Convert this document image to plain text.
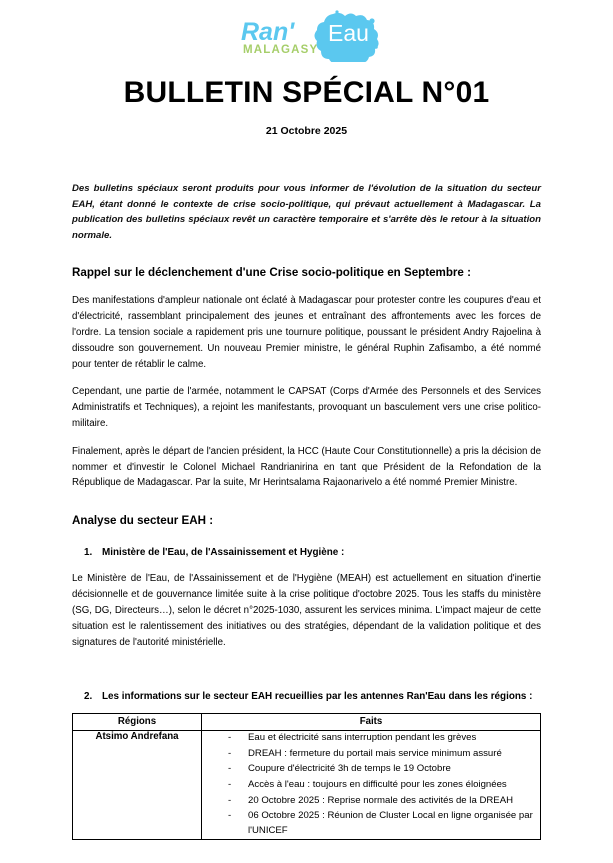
Ran' Eau
MALAGASY
BULLETIN SPÉCIAL N°01
21 Octobre 2025

Des bulletins spéciaux seront produits pour vous informer de l'évolution de la situation du secteur EAH, étant donné le contexte de crise socio-politique, qui prévaut actuellement à Madagascar. La publication des bulletins spéciaux revêt un caractère temporaire et s'arrête dès le retour à la situation normale.

Rappel sur le déclenchement d'une Crise socio-politique en Septembre :

Des manifestations d'ampleur nationale ont éclaté à Madagascar pour protester contre les coupures d'eau et d'électricité, rassemblant principalement des jeunes et entraînant des affrontements avec les forces de l'ordre. La tension sociale a rapidement pris une tournure politique, poussant le président Andry Rajoelina à dissoudre son gouvernement. Un nouveau Premier ministre, le général Ruphin Zafisambo, a été nommé pour tenter de rétablir le calme.

Cependant, une partie de l'armée, notamment le CAPSAT (Corps d'Armée des Personnels et des Services Administratifs et Techniques), a rejoint les manifestants, provoquant un basculement vers une crise politico-militaire.

Finalement, après le départ de l'ancien président, la HCC (Haute Cour Constitutionnelle) a pris la décision de nommer et d'investir le Colonel Michael Randrianirina en tant que Président de la Refondation de la République de Madagascar. Par la suite, Mr Herintsalama Rajaonarivelo a été nommé Premier Ministre.

Analyse du secteur EAH :
1. Ministère de l'Eau, de l'Assainissement et Hygiène :

Le Ministère de l'Eau, de l'Assainissement et de l'Hygiène (MEAH) est actuellement en situation d'inertie décisionnelle et de gouvernance limitée suite à la crise politique d'octobre 2025. Tous les staffs du ministère (SG, DG, Directeurs…), selon le décret n°2025-1030, assurent les services minima. L'impact majeur de cette situation est le ralentissement des initiatives ou des stratégies, dépendant de la validation politique et des signatures de l'autorité ministérielle.

2. Les informations sur le secteur EAH recueillies par les antennes Ran'Eau dans les régions :
Régions	Faits
Atsimo Andrefana	- Eau et électricité sans interruption pendant les grèves
- DREAH : fermeture du portail mais service minimum assuré
- Coupure d'électricité 3h de temps le 19 Octobre
- Accès à l'eau : toujours en difficulté pour les zones éloignées
- 20 Octobre 2025 : Reprise normale des activités de la DREAH
- 06 Octobre 2025 : Réunion de Cluster Local en ligne organisée par l'UNICEF
